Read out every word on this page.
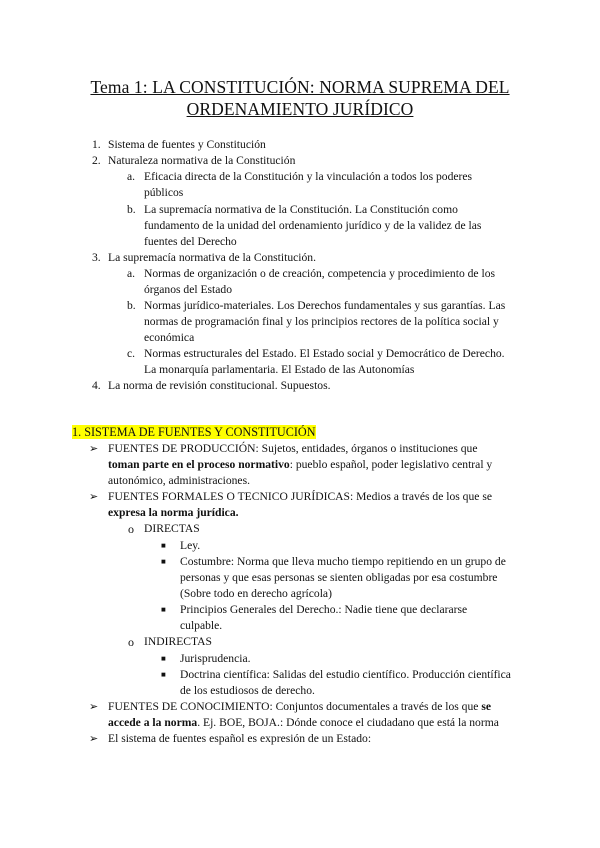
Tema 1: LA CONSTITUCIÓN: NORMA SUPREMA DEL
ORDENAMIENTO JURÍDICO
1. Sistema de fuentes y Constitución
2. Naturaleza normativa de la Constitución
a. Eficacia directa de la Constitución y la vinculación a todos los poderes
públicos
b. La supremacía normativa de la Constitución. La Constitución como
fundamento de la unidad del ordenamiento jurídico y de la validez de las
fuentes del Derecho
3. La supremacía normativa de la Constitución.
a. Normas de organización o de creación, competencia y procedimiento de los
órganos del Estado
b. Normas jurídico-materiales. Los Derechos fundamentales y sus garantías. Las
normas de programación final y los principios rectores de la política social y
económica
c. Normas estructurales del Estado. El Estado social y Democrático de Derecho.
La monarquía parlamentaria. El Estado de las Autonomías
4. La norma de revisión constitucional. Supuestos.
1. SISTEMA DE FUENTES Y CONSTITUCIÓN
➢ FUENTES DE PRODUCCIÓN: Sujetos, entidades, órganos o instituciones que
toman parte en el proceso normativo: pueblo español, poder legislativo central y
autonómico, administraciones.
➢ FUENTES FORMALES O TECNICO JURÍDICAS: Medios a través de los que se
expresa la norma jurídica.
o DIRECTAS
■ Ley.
■ Costumbre: Norma que lleva mucho tiempo repitiendo en un grupo de
personas y que esas personas se sienten obligadas por esa costumbre
(Sobre todo en derecho agrícola)
■ Principios Generales del Derecho.: Nadie tiene que declararse
culpable.
o INDIRECTAS
■ Jurisprudencia.
■ Doctrina científica: Salidas del estudio científico. Producción científica
de los estudiosos de derecho.
➢ FUENTES DE CONOCIMIENTO: Conjuntos documentales a través de los que se
accede a la norma. Ej. BOE, BOJA.: Dónde conoce el ciudadano que está la norma
➢ El sistema de fuentes español es expresión de un Estado:
